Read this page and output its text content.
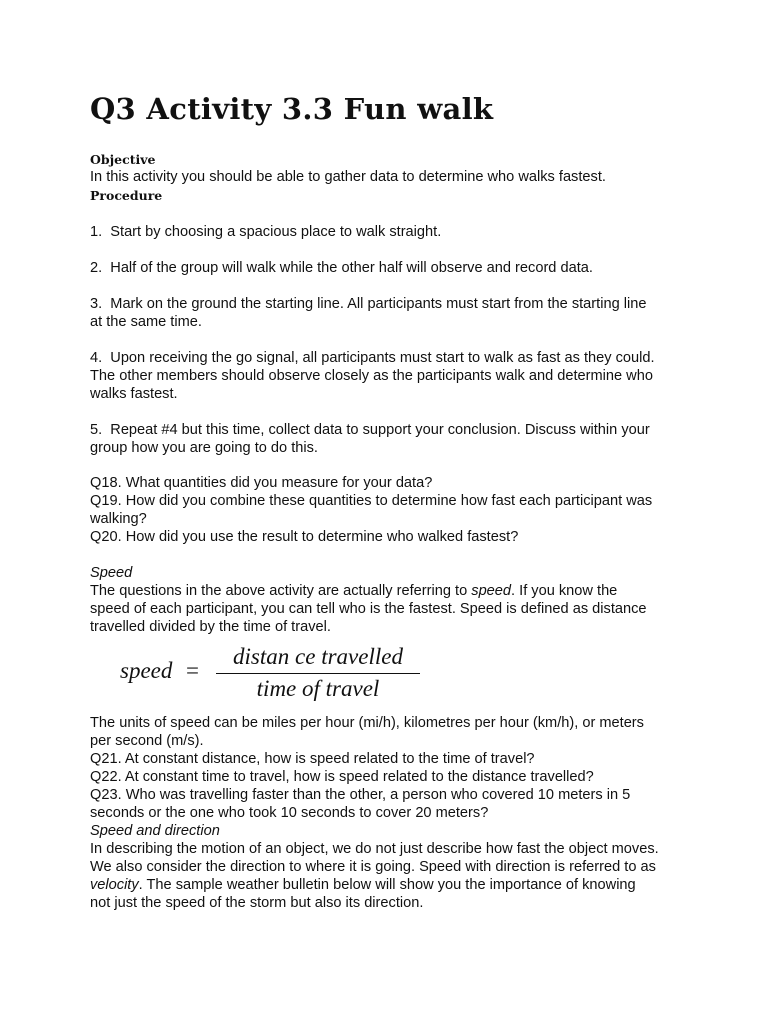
Q3 Activity 3.3 Fun walk
Objective
In this activity you should be able to gather data to determine who walks fastest.
Procedure
1. Start by choosing a spacious place to walk straight.
2. Half of the group will walk while the other half will observe and record data.
3. Mark on the ground the starting line. All participants must start from the starting line
at the same time.
4. Upon receiving the go signal, all participants must start to walk as fast as they could.
The other members should observe closely as the participants walk and determine who
walks fastest.
5. Repeat #4 but this time, collect data to support your conclusion. Discuss within your
group how you are going to do this.
Q18. What quantities did you measure for your data?
Q19. How did you combine these quantities to determine how fast each participant was
walking?
Q20. How did you use the result to determine who walked fastest?
Speed
The questions in the above activity are actually referring to speed. If you know the
speed of each participant, you can tell who is the fastest. Speed is defined as distance
travelled divided by the time of travel.
speed =
distan ce travelled
time of travel
The units of speed can be miles per hour (mi/h), kilometres per hour (km/h), or meters
per second (m/s).
Q21. At constant distance, how is speed related to the time of travel?
Q22. At constant time to travel, how is speed related to the distance travelled?
Q23. Who was travelling faster than the other, a person who covered 10 meters in 5
seconds or the one who took 10 seconds to cover 20 meters?
Speed and direction
In describing the motion of an object, we do not just describe how fast the object moves.
We also consider the direction to where it is going. Speed with direction is referred to as
velocity. The sample weather bulletin below will show you the importance of knowing
not just the speed of the storm but also its direction.
